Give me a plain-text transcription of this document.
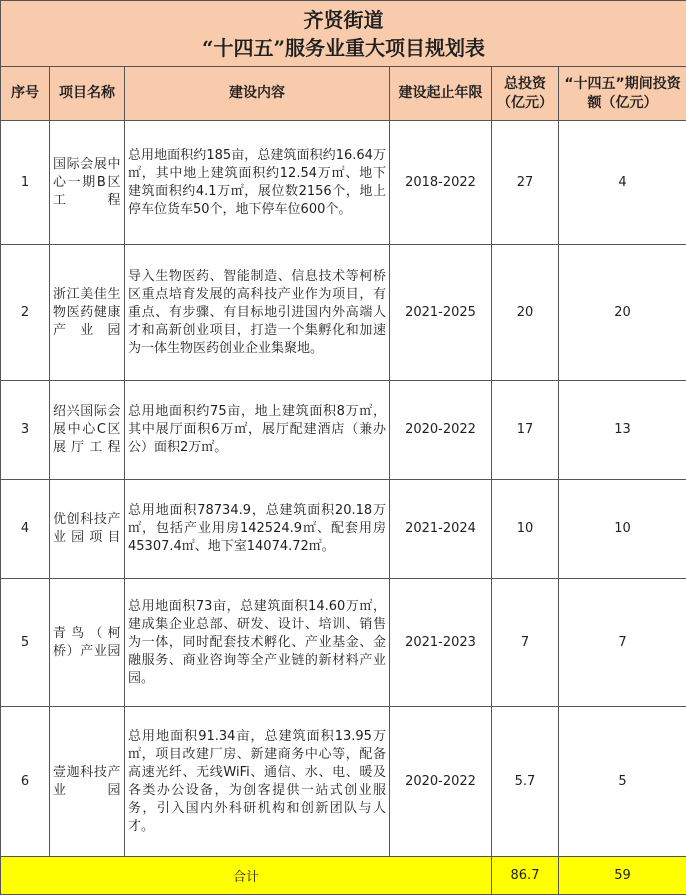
齐贤街道
“十四五”服务业重大项目规划表					

序号	项目名称	建设内容	建设起止年限	总投资（亿元）	“十四五”期间投资额（亿元）
1	国际会展中心一期B区工程	总用地面积约185亩，总建筑面积约16.64万㎡，其中地上建筑面积约12.54万㎡、地下建筑面积约4.1万㎡，展位数2156个，地上停车位货车50个，地下停车位600个。	2018-2022	27	4
2	浙江美佳生物医药健康产业园	导入生物医药、智能制造、信息技术等柯桥区重点培育发展的高科技产业作为项目，有重点、有步骤、有目标地引进国内外高端人才和高新创业项目，打造一个集孵化和加速为一体生物医药创业企业集聚地。	2021-2025	20	20
3	绍兴国际会展中心C区展厅工程	总用地面积约75亩，地上建筑面积8万㎡，其中展厅面积6万㎡，展厅配建酒店（兼办公）面积2万㎡。	2020-2022	17	13
4	优创科技产业园项目	总用地面积78734.9，总建筑面积20.18万㎡，包括产业用房142524.9㎡、配套用房45307.4㎡、地下室14074.72㎡。	2021-2024	10	10
5	青鸟（柯桥）产业园	总用地面积73亩，总建筑面积14.60万㎡，建成集企业总部、研发、设计、培训、销售为一体，同时配套技术孵化、产业基金、金融服务、商业咨询等全产业链的新材料产业园。	2021-2023	7	7
6	壹迦科技产业园	总用地面积91.34亩，总建筑面积13.95万㎡，项目改建厂房、新建商务中心等，配备高速光纤、无线WiFi、通信、水、电、暖及各类办公设备，为创客提供一站式创业服务，引入国内外科研机构和创新团队与人才。	2020-2022	5.7	5
合计				86.7	59
